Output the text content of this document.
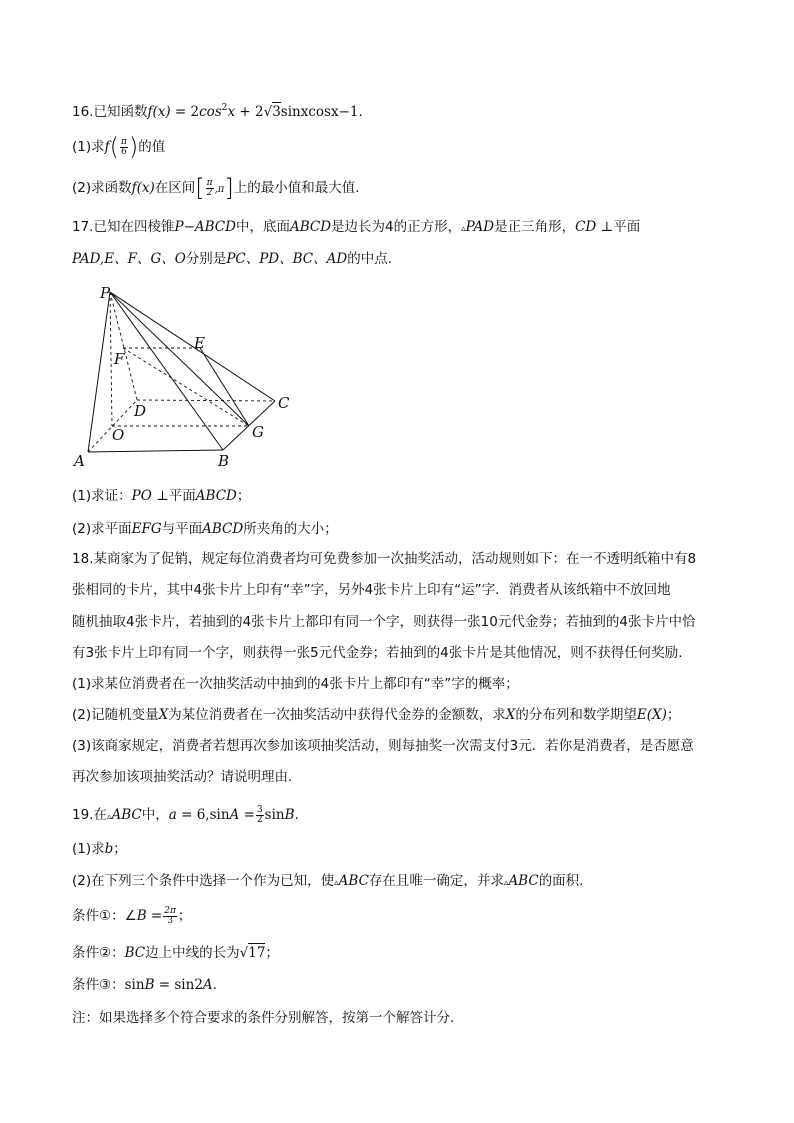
16.已知函数$f(x) = 2\cos^2x$ + 2√3sinxcosx−1.
(1)求$f( \frac{\pi}{6}$ )的值
(2)求函数f(x)在区间[ $\frac{\pi}{2} ,\pi$]上的最小值和最大值.
17.已知在四棱锥P−ABCD中，底面ABCD是边长为4的正方形，▵PAD是正三角形，CD ⊥平面
PAD,E、F、G、O分别是PC、PD、BC、AD的中点.
P
E
F
C
D
G
O
A	B
(1)求证：PO ⊥平面ABCD；
(2)求平面EFG与平面ABCD所夹角的大小；
18.某商家为了促销，规定每位消费者均可免费参加一次抽奖活动，活动规则如下：在一不透明纸箱中有8
张相同的卡片，其中4张卡片上印有“幸”字，另外4张卡片上印有“运”字．消费者从该纸箱中不放回地
随机抽取4张卡片，若抽到的4张卡片上都印有同一个字，则获得一张10元代金券；若抽到的4张卡片中恰
有3张卡片上印有同一个字，则获得一张5元代金券；若抽到的4张卡片是其他情况，则不获得任何奖励.
(1)求某位消费者在一次抽奖活动中抽到的4张卡片上都印有“幸”字的概率；
(2)记随机变量X为某位消费者在一次抽奖活动中获得代金券的金额数，求X的分布列和数学期望E(X)；
(3)该商家规定，消费者若想再次参加该项抽奖活动，则每抽奖一次需支付3元．若你是消费者，是否愿意
再次参加该项抽奖活动？请说明理由.
19.在▵ABC中，$a = 6,\sin A = \frac{3}{2} \sin B$.
(1)求b；
(2)在下列三个条件中选择一个作为已知，使▵ABC存在且唯一确定，并求▵ABC的面积.
条件①：∠B = $\frac{2\pi}{3}$ ；
条件②：BC边上中线的长为√17；
条件③：sinB = sin2A.
注：如果选择多个符合要求的条件分别解答，按第一个解答计分.
